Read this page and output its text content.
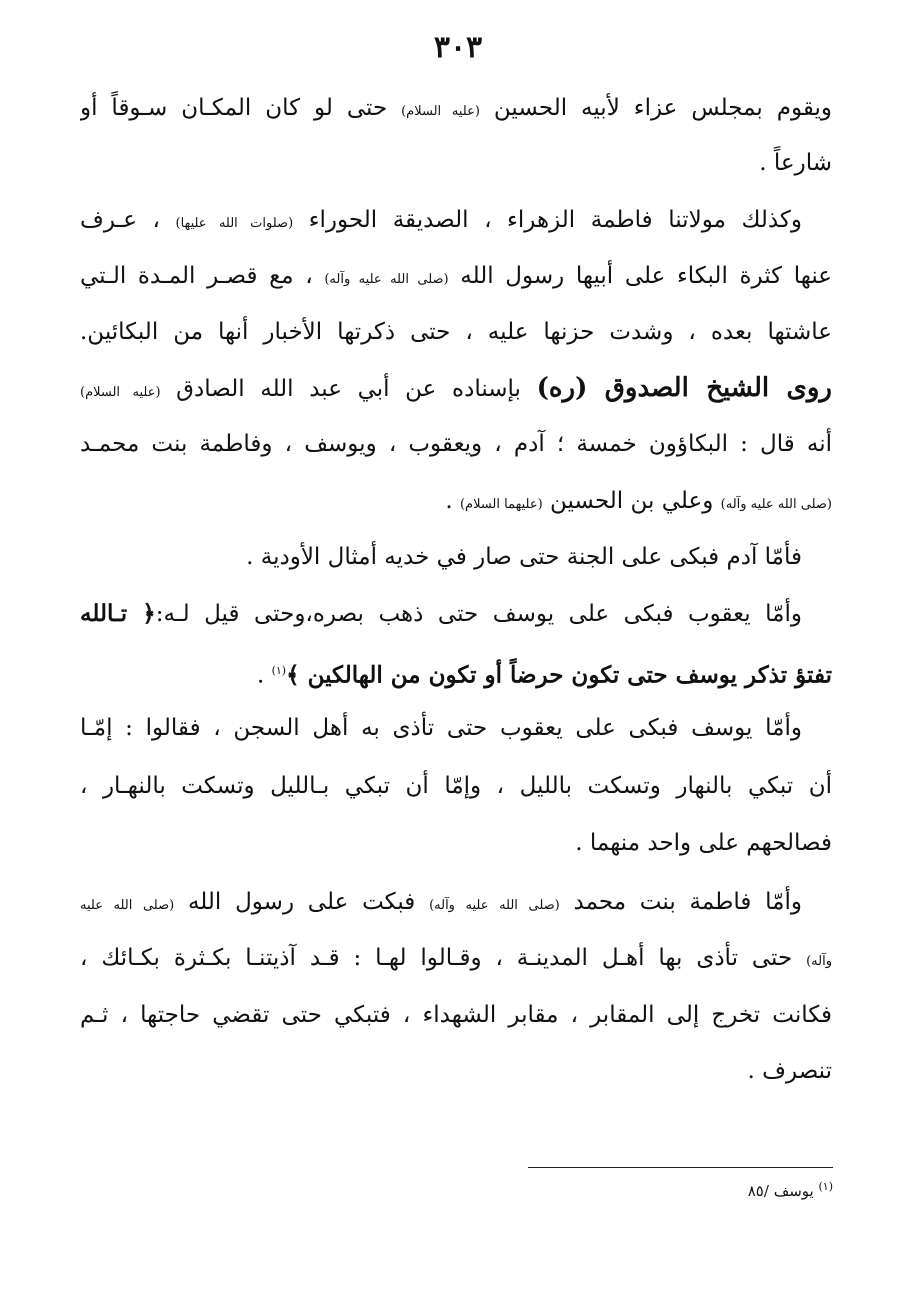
٣٠٣
ويقوم بمجلس عزاء لأبيه الحسين (عليه السلام) حتى لو كان المكـان سـوقاً أو
شارعاً .
وكذلك مولاتنا فاطمة الزهراء ، الصديقة الحوراء (صلوات الله عليها) ، عـرف
عنها كثرة البكاء على أبيها رسول الله (صلى الله عليه وآله) ، مع قصـر المـدة الـتي
عاشتها بعده ، وشدت حزنها عليه ، حتى ذكرتها الأخبار أنها من البكائين.
روى الشيخ الصدوق (ره) بإسناده عن أبي عبد الله الصادق (عليه السلام)
أنه قال : البكاؤون خمسة ؛ آدم ، ويعقوب ، ويوسف ، وفاطمة بنت محمـد
(صلى الله عليه وآله) وعلي بن الحسين (عليهما السلام) .
فأمّا آدم فبكى على الجنة حتى صار في خديه أمثال الأودية .
وأمّا يعقوب فبكى على يوسف حتى ذهب بصره،وحتى قيل لـه:﴿ تـالله
تفتؤ تذكر يوسف حتى تكون حرضاً أو تكون من الهالكين ﴾$^{(١)}$ .
وأمّا يوسف فبكى على يعقوب حتى تأذى به أهل السجن ، فقالوا : إمّـا
أن تبكي بالنهار وتسكت بالليل ، وإمّا أن تبكي بـالليل وتسكت بالنهـار ،
فصالحهم على واحد منهما .
وأمّا فاطمة بنت محمد (صلى الله عليه وآله) فبكت على رسول الله (صلى الله عليه
وآله) حتى تأذى بها أهـل المدينـة ، وقـالوا لهـا : قـد آذيتنـا بكـثرة بكـائك ،
فكانت تخرج إلى المقابر ، مقابر الشهداء ، فتبكي حتى تقضي حاجتها ، ثـم
تنصرف .
$^{(١)}$ يوسف /٨٥
